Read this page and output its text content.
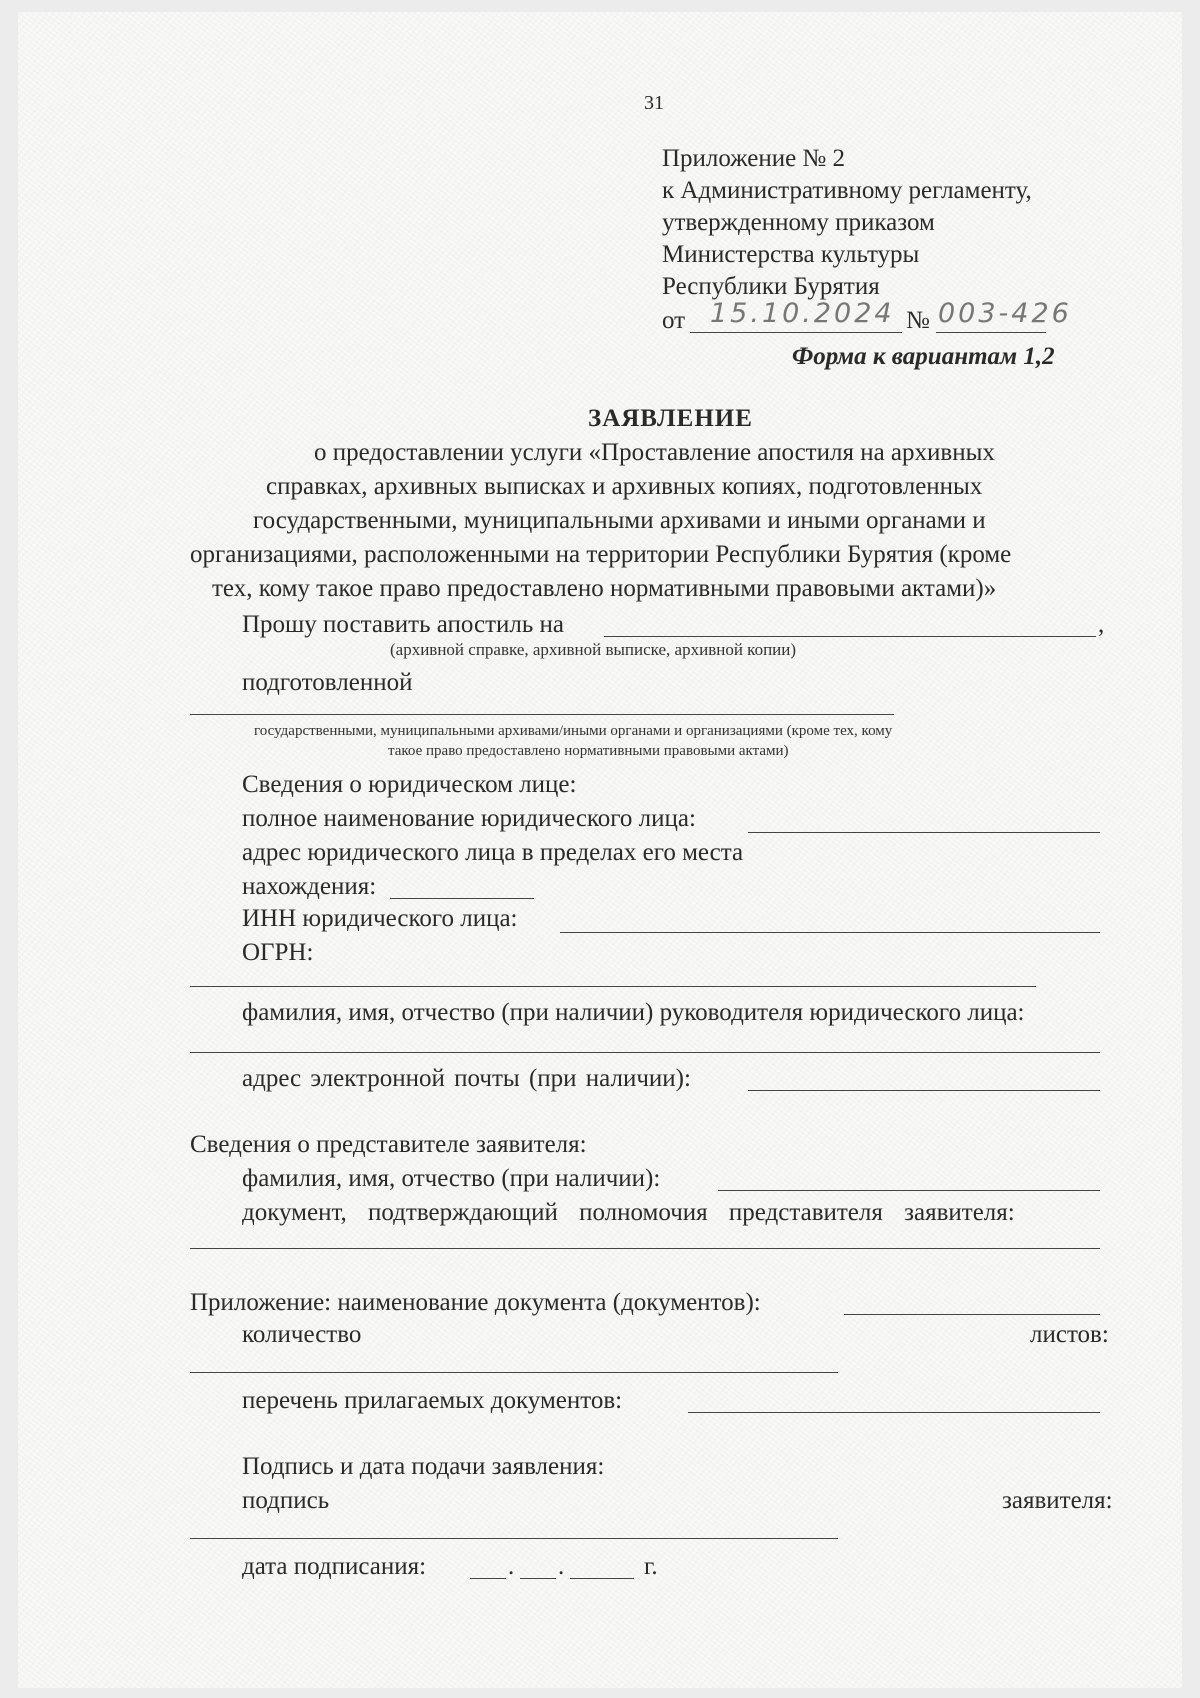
31
Приложение № 2
к Административному регламенту,
утвержденному приказом
Министерства культуры
Республики Бурятия
от 15.10.2024 № 003-426
Форма к вариантам 1,2
ЗАЯВЛЕНИЕ
о предоставлении услуги «Проставление апостиля на архивных
справках, архивных выписках и архивных копиях, подготовленных
государственными, муниципальными архивами и иными органами и
организациями, расположенными на территории Республики Бурятия (кроме
тех, кому такое право предоставлено нормативными правовыми актами)»
Прошу поставить апостиль на	,
(архивной справке, архивной выписке, архивной копии)
подготовленной
государственными, муниципальными архивами/иными органами и организациями (кроме тех, кому
такое право предоставлено нормативными правовыми актами)
Сведения о юридическом лице:
полное наименование юридического лица:
адрес юридического лица в пределах его места
нахождения:
ИНН юридического лица:
ОГРН:
фамилия, имя, отчество (при наличии) руководителя юридического лица:
адрес электронной почты (при наличии):
Сведения о представителе заявителя:
фамилия, имя, отчество (при наличии):
документ, подтверждающий полномочия представителя заявителя:
Приложение: наименование документа (документов):
количество	листов:
перечень прилагаемых документов:
Подпись и дата подачи заявления:
подпись	заявителя:
дата подписания:	. .	г.
